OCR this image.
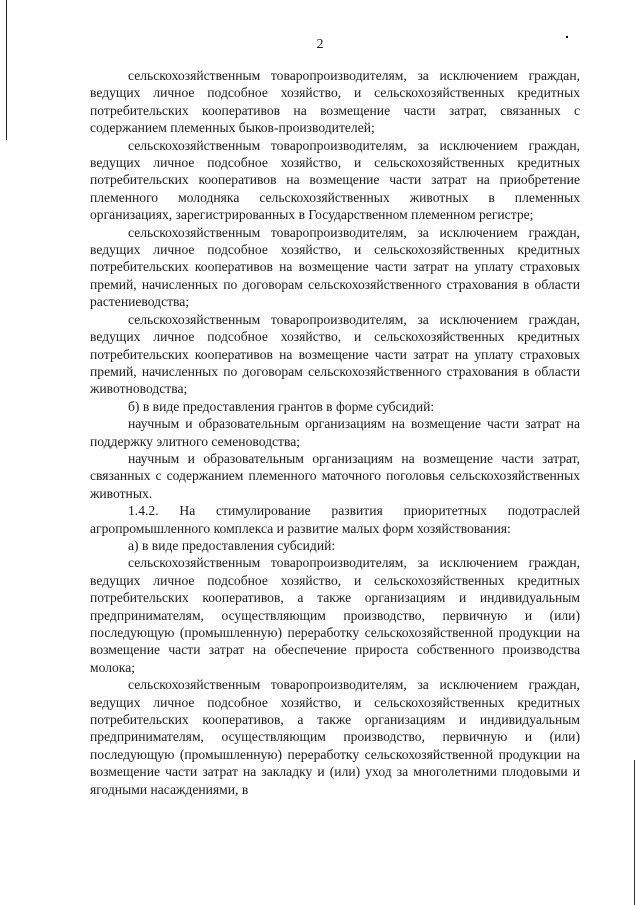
2

сельскохозяйственным товаропроизводителям, за исключением граждан, ведущих личное подсобное хозяйство, и сельскохозяйственных кредитных потребительских кооперативов на возмещение части затрат, связанных с содержанием племенных быков-производителей;

сельскохозяйственным товаропроизводителям, за исключением граждан, ведущих личное подсобное хозяйство, и сельскохозяйственных кредитных потребительских кооперативов на возмещение части затрат на приобретение племенного молодняка сельскохозяйственных животных в племенных организациях, зарегистрированных в Государственном племенном регистре;

сельскохозяйственным товаропроизводителям, за исключением граждан, ведущих личное подсобное хозяйство, и сельскохозяйственных кредитных потребительских кооперативов на возмещение части затрат на уплату страховых премий, начисленных по договорам сельскохозяйственного страхования в области растениеводства;

сельскохозяйственным товаропроизводителям, за исключением граждан, ведущих личное подсобное хозяйство, и сельскохозяйственных кредитных потребительских кооперативов на возмещение части затрат на уплату страховых премий, начисленных по договорам сельскохозяйственного страхования в области животноводства;

б) в виде предоставления грантов в форме субсидий:

научным и образовательным организациям на возмещение части затрат на поддержку элитного семеноводства;

научным и образовательным организациям на возмещение части затрат, связанных с содержанием племенного маточного поголовья сельскохозяйственных животных.

1.4.2. На стимулирование развития приоритетных подотраслей агропромышленного комплекса и развитие малых форм хозяйствования:

а) в виде предоставления субсидий:

сельскохозяйственным товаропроизводителям, за исключением граждан, ведущих личное подсобное хозяйство, и сельскохозяйственных кредитных потребительских кооперативов, а также организациям и индивидуальным предпринимателям, осуществляющим производство, первичную и (или) последующую (промышленную) переработку сельскохозяйственной продукции на возмещение части затрат на обеспечение прироста собственного производства молока;

сельскохозяйственным товаропроизводителям, за исключением граждан, ведущих личное подсобное хозяйство, и сельскохозяйственных кредитных потребительских кооперативов, а также организациям и индивидуальным предпринимателям, осуществляющим производство, первичную и (или) последующую (промышленную) переработку сельскохозяйственной продукции на возмещение части затрат на закладку и (или) уход за многолетними плодовыми и ягодными насаждениями, в
